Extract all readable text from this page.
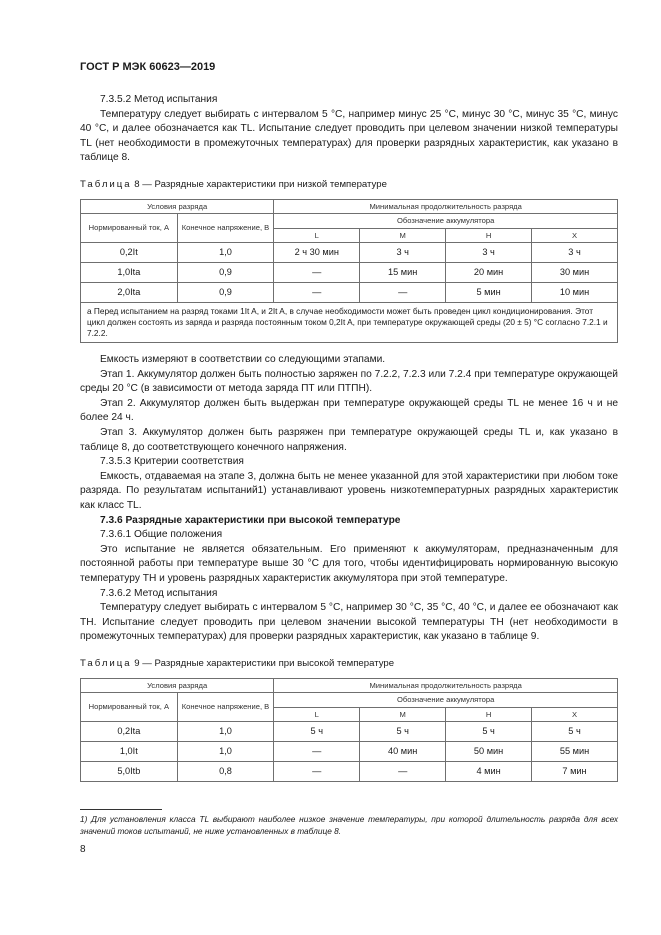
ГОСТ Р МЭК 60623—2019

7.3.5.2 Метод испытания

Температуру следует выбирать с интервалом 5 °С, например минус 25 °С, минус 30 °С, минус 35 °С, минус 40 °С, и далее обозначается как TL. Испытание следует проводить при целевом значении низкой температуры TL (нет необходимости в промежуточных температурах) для проверки разрядных характеристик, как указано в таблице 8.

Таблица 8 — Разрядные характеристики при низкой температуре
Условия разряда		Минимальная продолжительность разряда			
Нормированный ток, А	Конечное напряжение, В	Обозначение аккумулятора			
		L	M	H	X
0,2It	1,0	2 ч 30 мин	3 ч	3 ч	3 ч
1,0Ita	0,9	—	15 мин	20 мин	30 мин
2,0Ita	0,9	—	—	5 мин	10 мин
a Перед испытанием на разряд токами 1It A, и 2It A, в случае необходимости может быть проведен цикл кондиционирования. Этот цикл должен состоять из заряда и разряда постоянным током 0,2It A, при температуре окружающей среды (20 ± 5) °С согласно 7.2.1 и 7.2.2.					

Емкость измеряют в соответствии со следующими этапами.

Этап 1. Аккумулятор должен быть полностью заряжен по 7.2.2, 7.2.3 или 7.2.4 при температуре окружающей среды 20 °С (в зависимости от метода заряда ПТ или ПТПН).

Этап 2. Аккумулятор должен быть выдержан при температуре окружающей среды TL не менее 16 ч и не более 24 ч.

Этап 3. Аккумулятор должен быть разряжен при температуре окружающей среды TL и, как указано в таблице 8, до соответствующего конечного напряжения.

7.3.5.3 Критерии соответствия

Емкость, отдаваемая на этапе 3, должна быть не менее указанной для этой характеристики при любом токе разряда. По результатам испытаний1) устанавливают уровень низкотемпературных разрядных характеристик как класс TL.

7.3.6 Разрядные характеристики при высокой температуре

7.3.6.1 Общие положения

Это испытание не является обязательным. Его применяют к аккумуляторам, предназначенным для постоянной работы при температуре выше 30 °С для того, чтобы идентифицировать нормированную высокую температуру TH и уровень разрядных характеристик аккумулятора при этой температуре.

7.3.6.2 Метод испытания

Температуру следует выбирать с интервалом 5 °С, например 30 °С, 35 °С, 40 °С, и далее ее обозначают как TH. Испытание следует проводить при целевом значении высокой температуры TH (нет необходимости в промежуточных температурах) для проверки разрядных характеристик, как указано в таблице 9.

Таблица 9 — Разрядные характеристики при высокой температуре
Условия разряда		Минимальная продолжительность разряда			
Нормированный ток, А	Конечное напряжение, В	Обозначение аккумулятора			
		L	M	H	X
0,2Ita	1,0	5 ч	5 ч	5 ч	5 ч
1,0It	1,0	—	40 мин	50 мин	55 мин
5,0Itb	0,8	—	—	4 мин	7 мин
1) Для установления класса TL выбирают наиболее низкое значение температуры, при которой длительность разряда для всех значений токов испытаний, не ниже установленных в таблице 8.
8
